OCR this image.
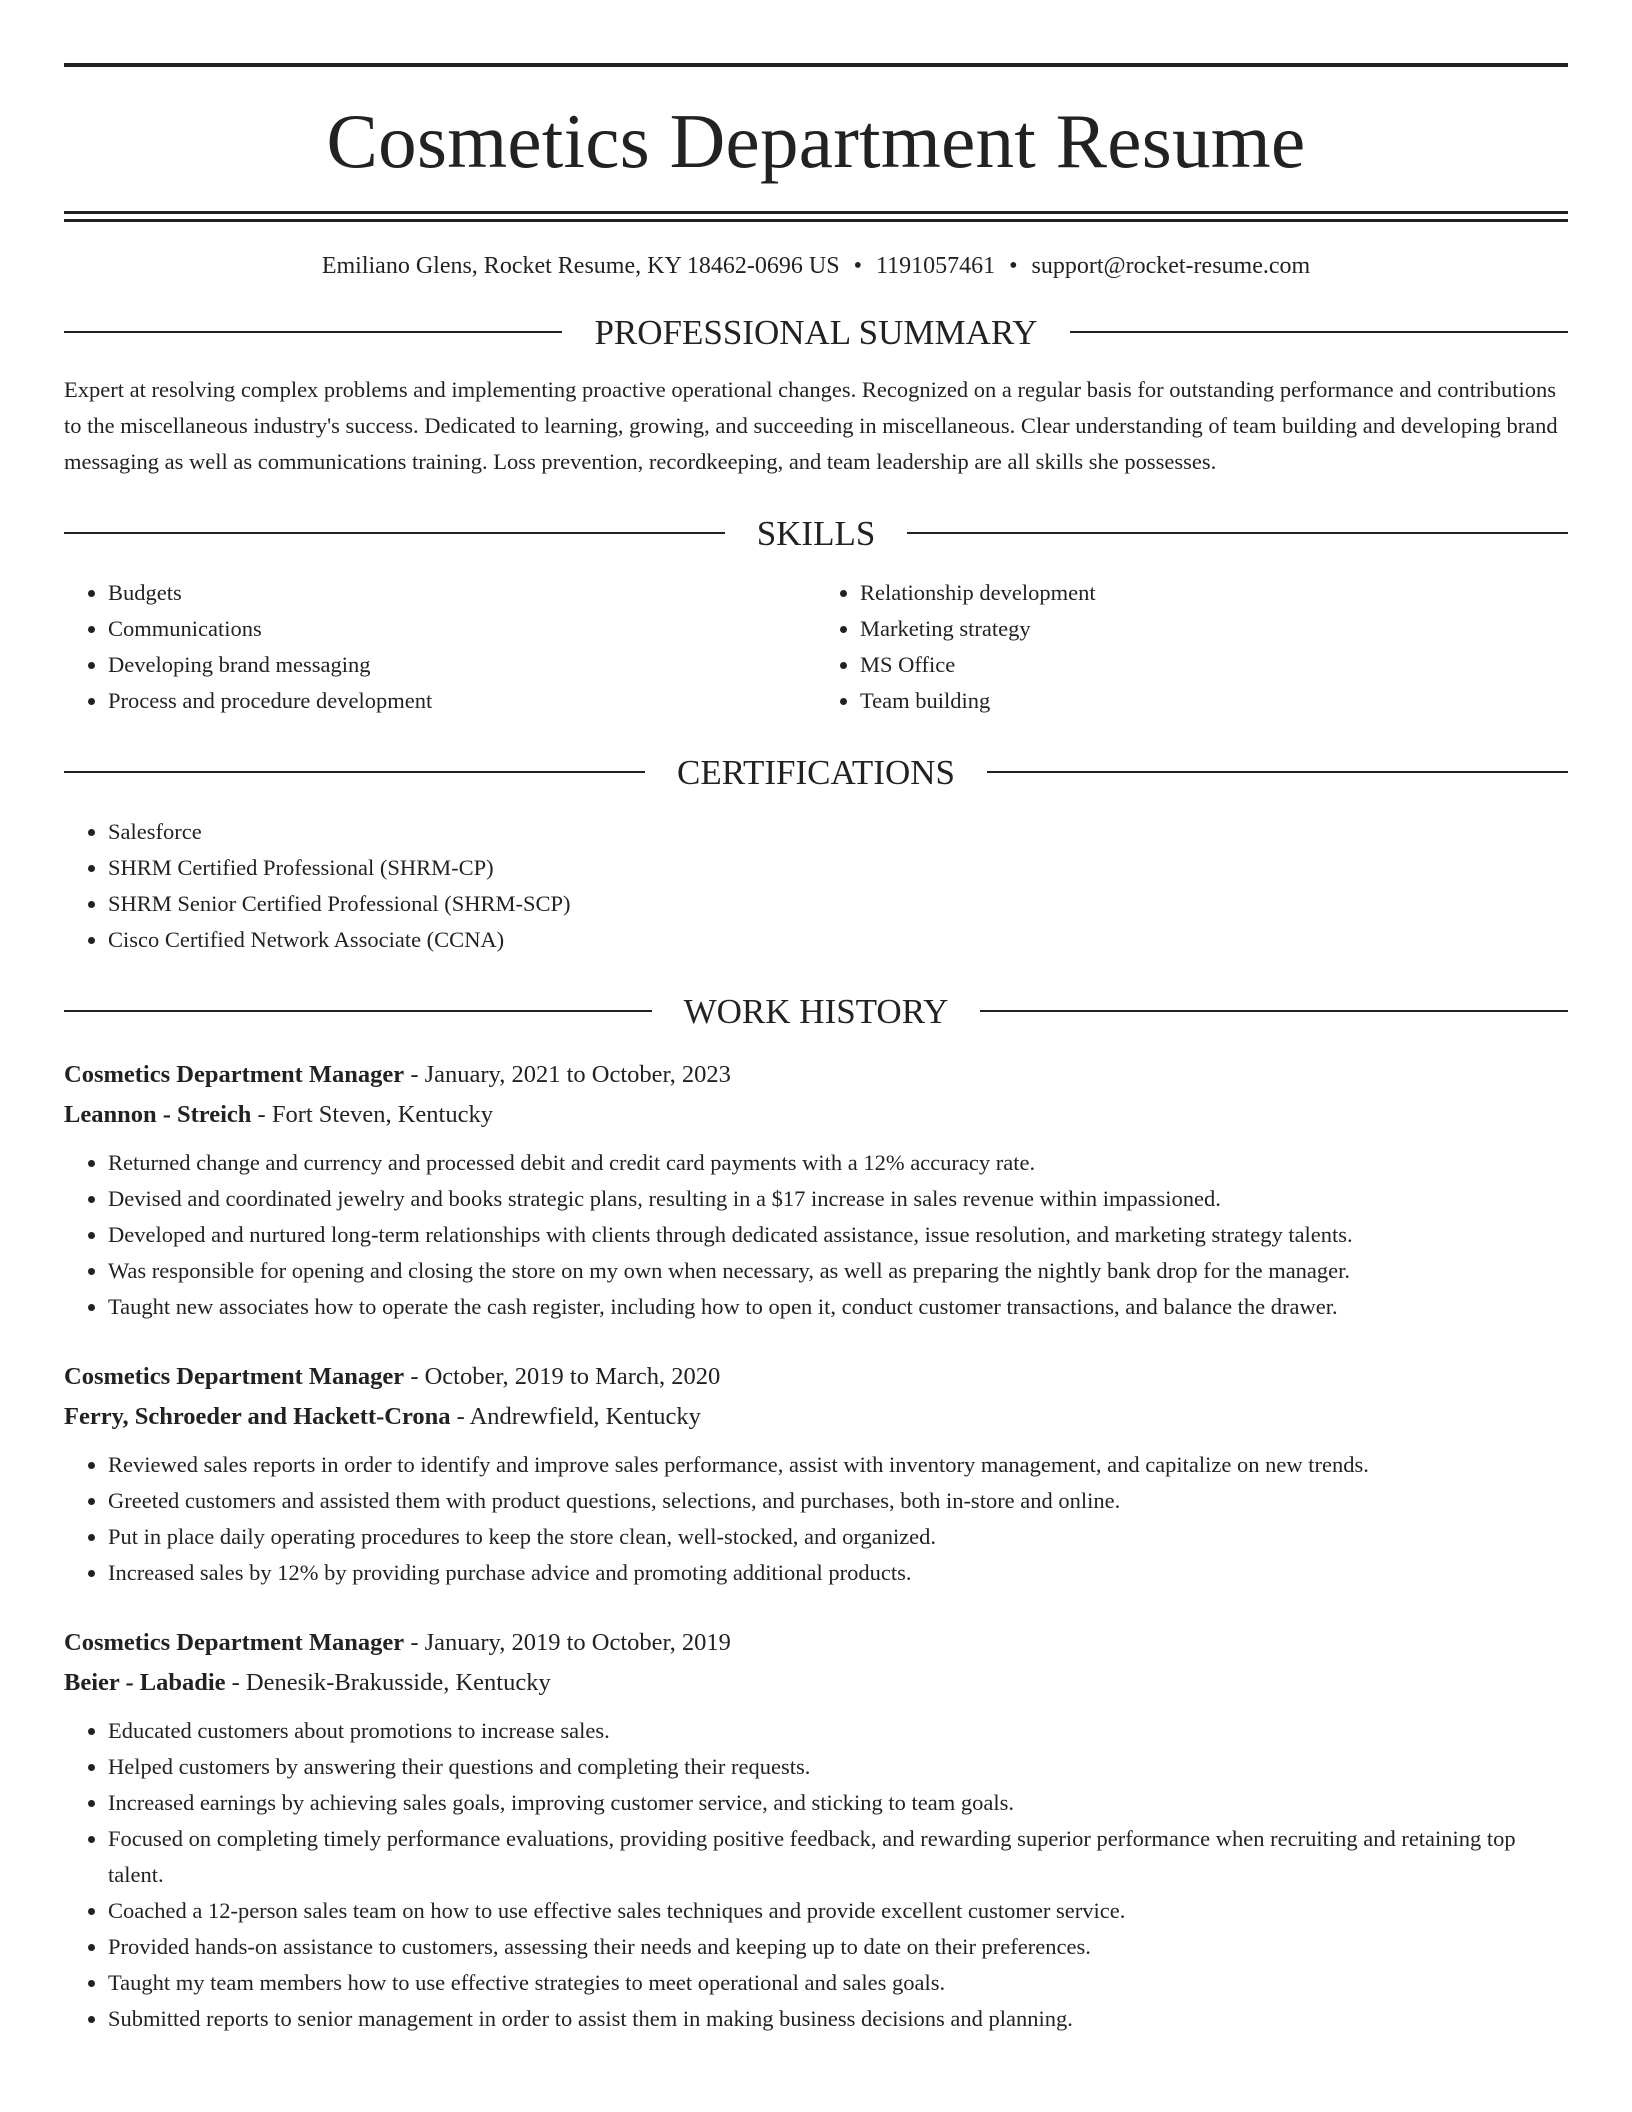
Cosmetics Department Resume
Emiliano Glens, Rocket Resume, KY 18462-0696 US • 1191057461 • support@rocket-resume.com
PROFESSIONAL SUMMARY
Expert at resolving complex problems and implementing proactive operational changes. Recognized on a regular basis for outstanding performance and contributions to the miscellaneous industry's success. Dedicated to learning, growing, and succeeding in miscellaneous. Clear understanding of team building and developing brand messaging as well as communications training. Loss prevention, recordkeeping, and team leadership are all skills she possesses.
SKILLS
• Budgets
• Communications
• Developing brand messaging
• Process and procedure development
• Relationship development
• Marketing strategy
• MS Office
• Team building
CERTIFICATIONS
• Salesforce
• SHRM Certified Professional (SHRM-CP)
• SHRM Senior Certified Professional (SHRM-SCP)
• Cisco Certified Network Associate (CCNA)
WORK HISTORY
Cosmetics Department Manager - January, 2021 to October, 2023
Leannon - Streich - Fort Steven, Kentucky
• Returned change and currency and processed debit and credit card payments with a 12% accuracy rate.
• Devised and coordinated jewelry and books strategic plans, resulting in a $17 increase in sales revenue within impassioned.
• Developed and nurtured long-term relationships with clients through dedicated assistance, issue resolution, and marketing strategy talents.
• Was responsible for opening and closing the store on my own when necessary, as well as preparing the nightly bank drop for the manager.
• Taught new associates how to operate the cash register, including how to open it, conduct customer transactions, and balance the drawer.
Cosmetics Department Manager - October, 2019 to March, 2020
Ferry, Schroeder and Hackett-Crona - Andrewfield, Kentucky
• Reviewed sales reports in order to identify and improve sales performance, assist with inventory management, and capitalize on new trends.
• Greeted customers and assisted them with product questions, selections, and purchases, both in-store and online.
• Put in place daily operating procedures to keep the store clean, well-stocked, and organized.
• Increased sales by 12% by providing purchase advice and promoting additional products.
Cosmetics Department Manager - January, 2019 to October, 2019
Beier - Labadie - Denesik-Brakusside, Kentucky
• Educated customers about promotions to increase sales.
• Helped customers by answering their questions and completing their requests.
• Increased earnings by achieving sales goals, improving customer service, and sticking to team goals.
• Focused on completing timely performance evaluations, providing positive feedback, and rewarding superior performance when recruiting and retaining top talent.
• Coached a 12-person sales team on how to use effective sales techniques and provide excellent customer service.
• Provided hands-on assistance to customers, assessing their needs and keeping up to date on their preferences.
• Taught my team members how to use effective strategies to meet operational and sales goals.
• Submitted reports to senior management in order to assist them in making business decisions and planning.
